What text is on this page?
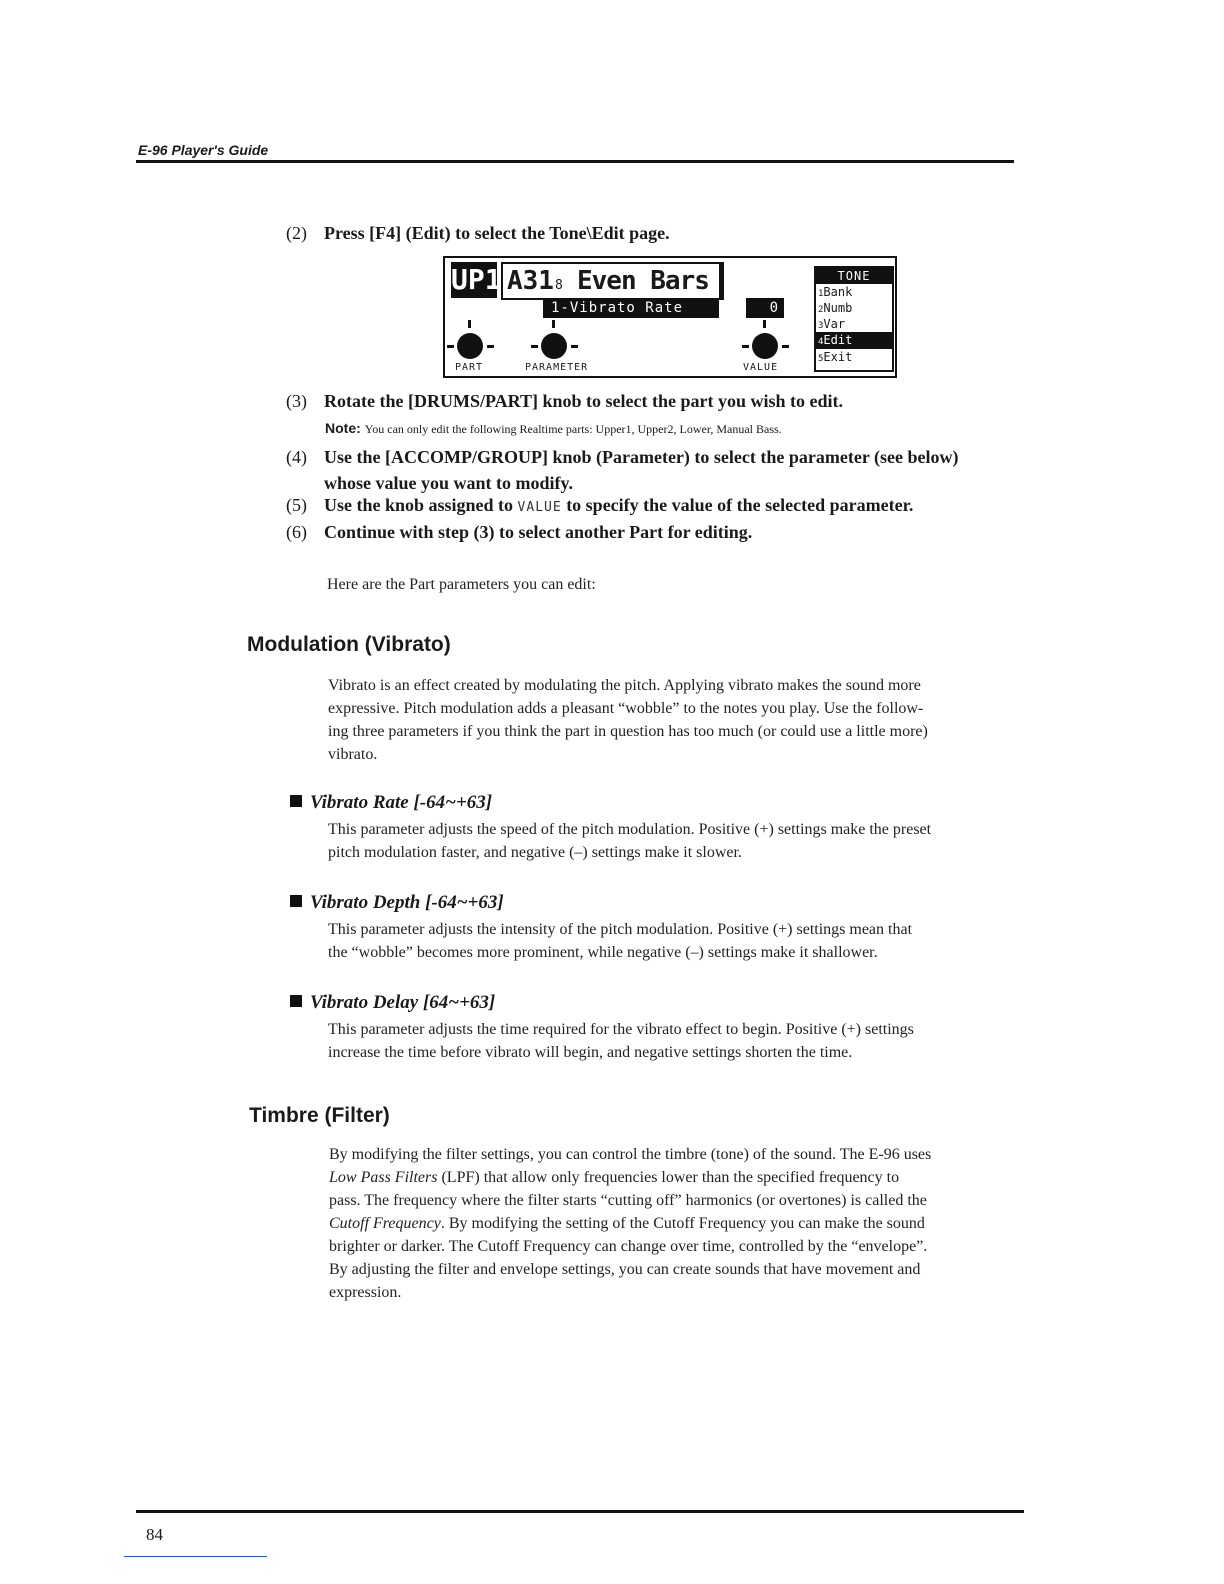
E-96 Player's Guide
(2) Press [F4] (Edit) to select the Tone\Edit page.
UP1 A31 8 Even Bars
1-Vibrato Rate	0
PART	PARAMETER	VALUE
TONE
1Bank
2Numb
3Var
4Edit
5Exit
(3) Rotate the [DRUMS/PART] knob to select the part you wish to edit.
Note: You can only edit the following Realtime parts: Upper1, Upper2, Lower, Manual Bass.
(4) Use the [ACCOMP/GROUP] knob (Parameter) to select the parameter (see below)
whose value you want to modify.
(5) Use the knob assigned to VALUE to specify the value of the selected parameter.
(6) Continue with step (3) to select another Part for editing.
Here are the Part parameters you can edit:
Modulation (Vibrato)
Vibrato is an effect created by modulating the pitch. Applying vibrato makes the sound more
expressive. Pitch modulation adds a pleasant “wobble” to the notes you play. Use the follow-
ing three parameters if you think the part in question has too much (or could use a little more)
vibrato.
Vibrato Rate [-64~+63]
This parameter adjusts the speed of the pitch modulation. Positive (+) settings make the preset
pitch modulation faster, and negative (–) settings make it slower.
Vibrato Depth [-64~+63]
This parameter adjusts the intensity of the pitch modulation. Positive (+) settings mean that
the “wobble” becomes more prominent, while negative (–) settings make it shallower.
Vibrato Delay [64~+63]
This parameter adjusts the time required for the vibrato effect to begin. Positive (+) settings
increase the time before vibrato will begin, and negative settings shorten the time.
Timbre (Filter)
By modifying the filter settings, you can control the timbre (tone) of the sound. The E-96 uses
Low Pass Filters (LPF) that allow only frequencies lower than the specified frequency to
pass. The frequency where the filter starts “cutting off” harmonics (or overtones) is called the
Cutoff Frequency. By modifying the setting of the Cutoff Frequency you can make the sound
brighter or darker. The Cutoff Frequency can change over time, controlled by the “envelope”.
By adjusting the filter and envelope settings, you can create sounds that have movement and
expression.
84
